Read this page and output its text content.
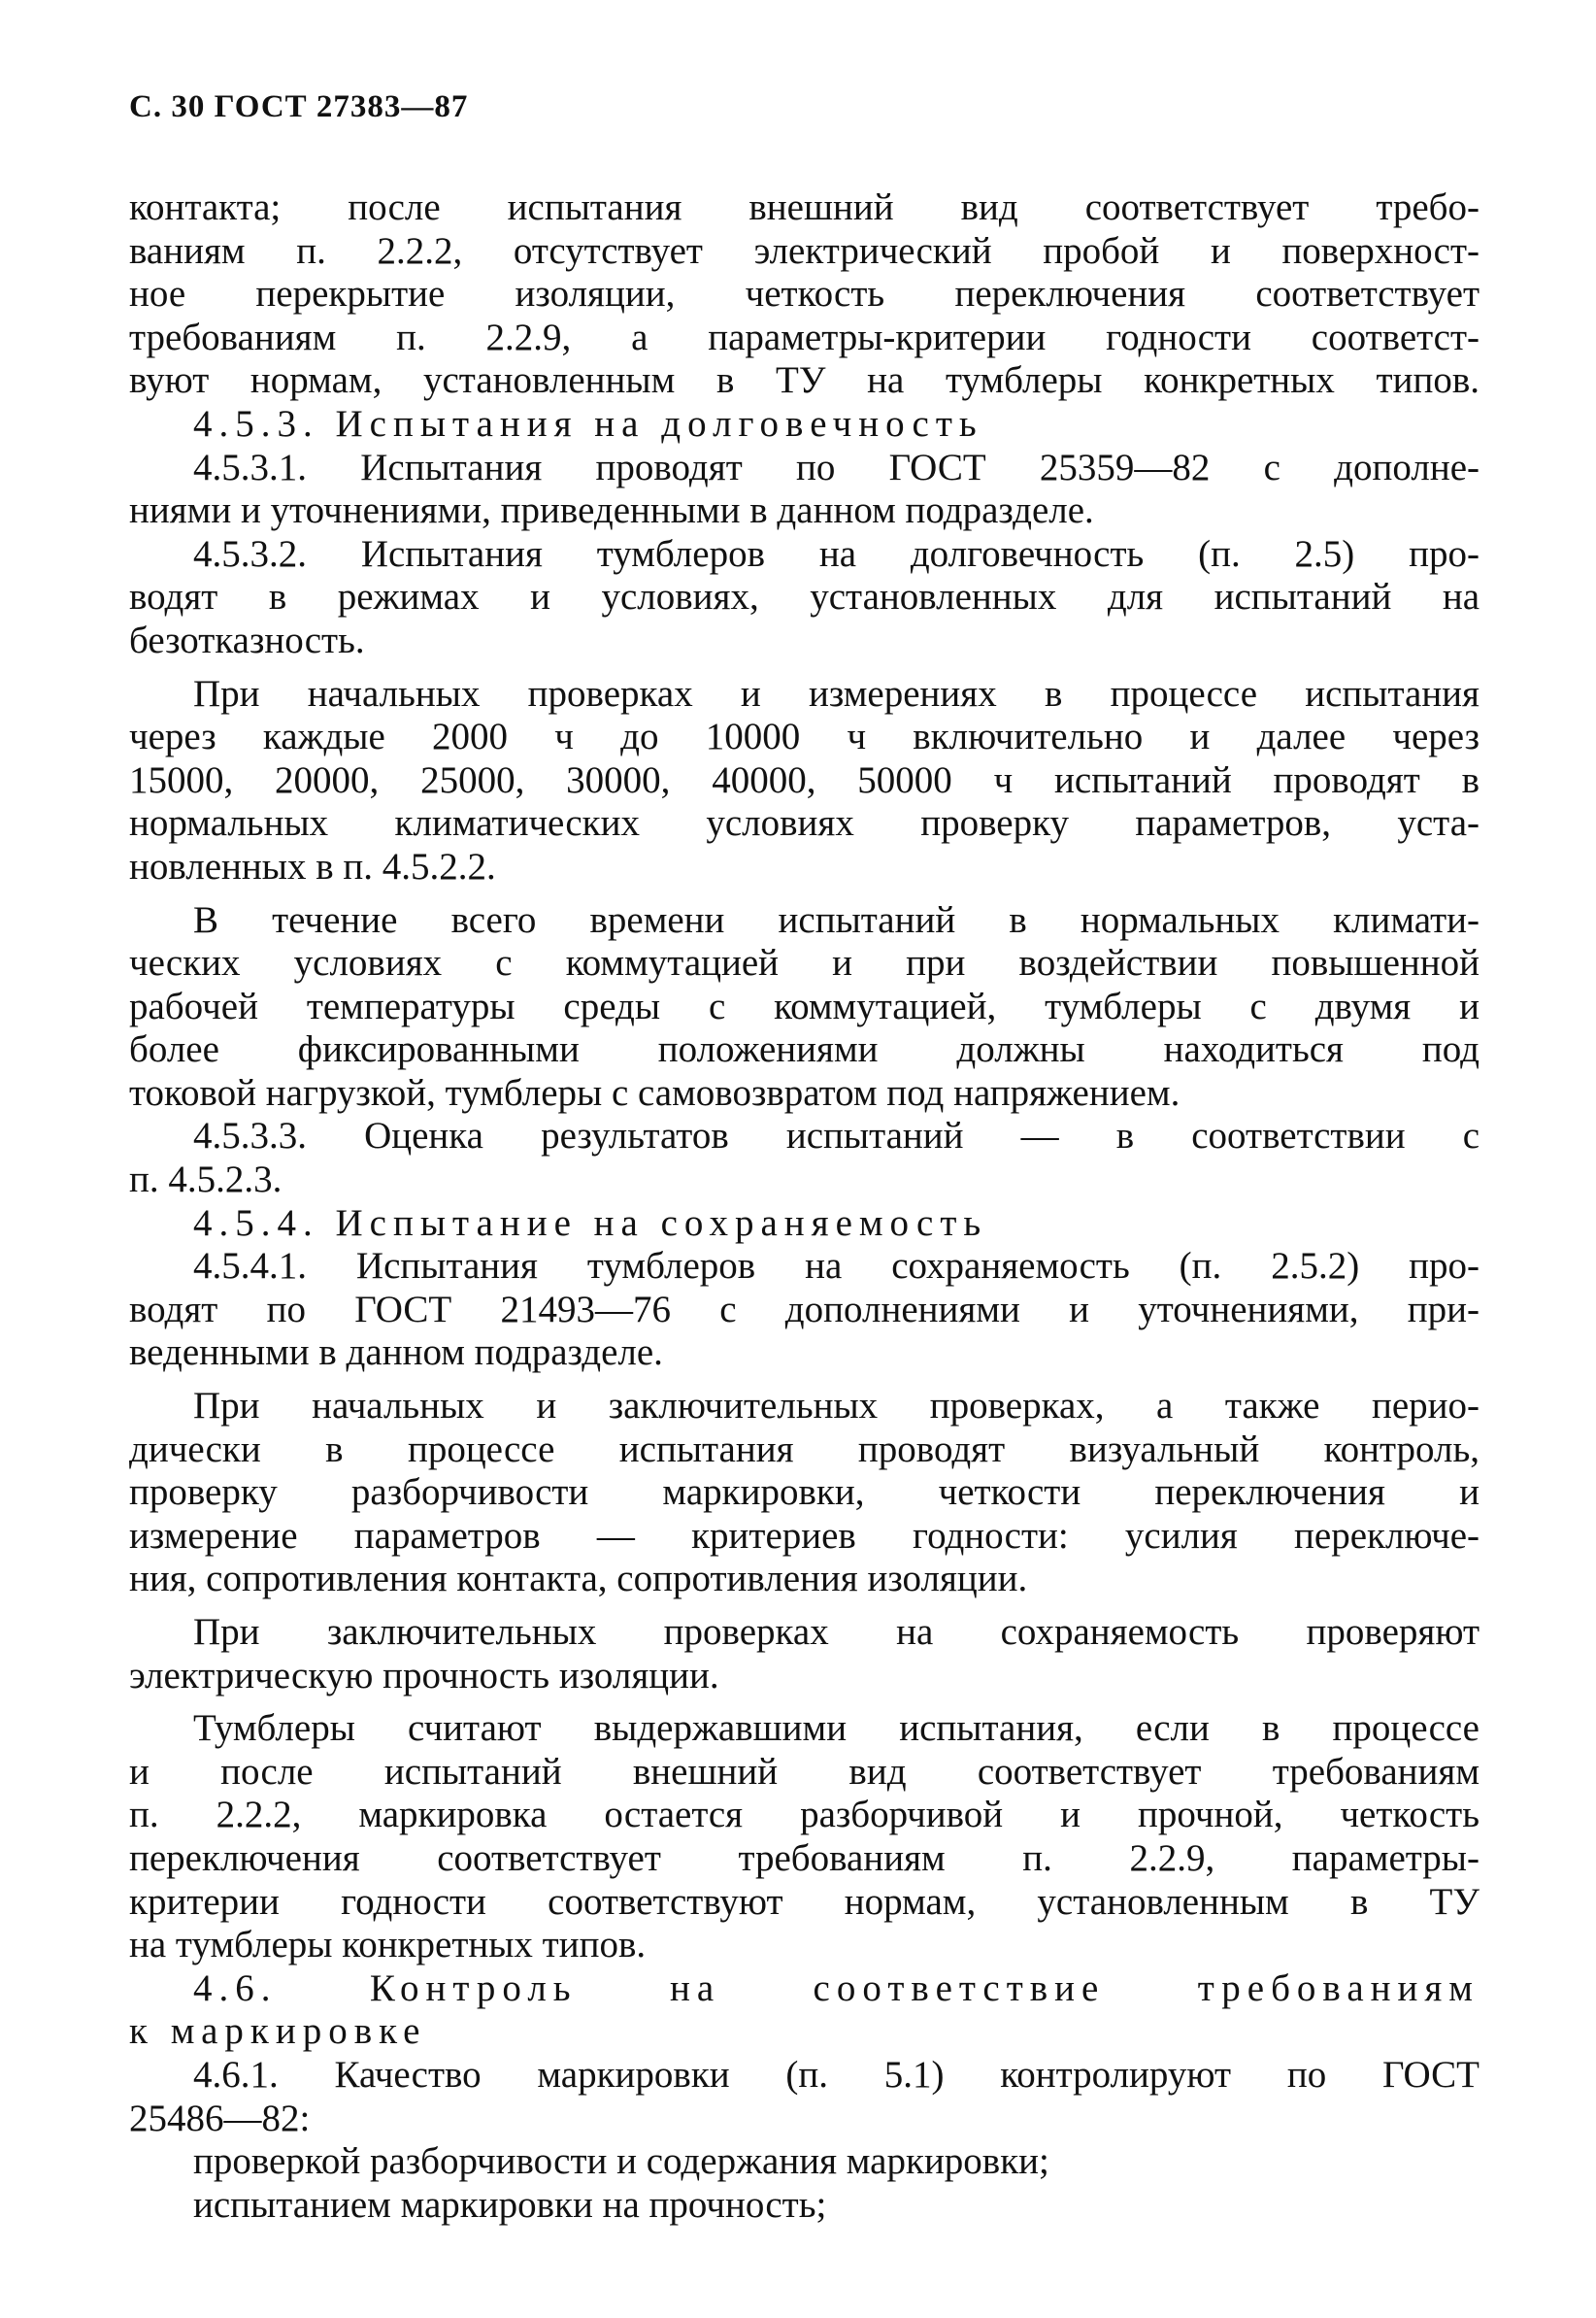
С. 30 ГОСТ 27383—87
контакта; после испытания внешний вид соответствует требо-
ваниям п. 2.2.2, отсутствует электрический пробой и поверхност-
ное перекрытие изоляции, четкость переключения соответствует
требованиям п. 2.2.9, а параметры-критерии годности соответст-
вуют нормам, установленным в ТУ на тумблеры конкретных типов.
4.5.3. Испытания на долговечность
4.5.3.1. Испытания проводят по ГОСТ 25359—82 с дополне-
ниями и уточнениями, приведенными в данном подразделе.
4.5.3.2. Испытания тумблеров на долговечность (п. 2.5) про-
водят в режимах и условиях, установленных для испытаний на
безотказность.
При начальных проверках и измерениях в процессе испытания
через каждые 2000 ч до 10000 ч включительно и далее через
15000, 20000, 25000, 30000, 40000, 50000 ч испытаний проводят в
нормальных климатических условиях проверку параметров, уста-
новленных в п. 4.5.2.2.
В течение всего времени испытаний в нормальных климати-
ческих условиях с коммутацией и при воздействии повышенной
рабочей температуры среды с коммутацией, тумблеры с двумя и
более фиксированными положениями должны находиться под
токовой нагрузкой, тумблеры с самовозвратом под напряжением.
4.5.3.3. Оценка результатов испытаний — в соответствии с
п. 4.5.2.3.
4.5.4. Испытание на сохраняемость
4.5.4.1. Испытания тумблеров на сохраняемость (п. 2.5.2) про-
водят по ГОСТ 21493—76 с дополнениями и уточнениями, при-
веденными в данном подразделе.
При начальных и заключительных проверках, а также перио-
дически в процессе испытания проводят визуальный контроль,
проверку разборчивости маркировки, четкости переключения и
измерение параметров — критериев годности: усилия переключе-
ния, сопротивления контакта, сопротивления изоляции.
При заключительных проверках на сохраняемость проверяют
электрическую прочность изоляции.
Тумблеры считают выдержавшими испытания, если в процессе
и после испытаний внешний вид соответствует требованиям
п. 2.2.2, маркировка остается разборчивой и прочной, четкость
переключения соответствует требованиям п. 2.2.9, параметры-
критерии годности соответствуют нормам, установленным в ТУ
на тумблеры конкретных типов.
4.6. Контроль на соответствие требованиям
к маркировке
4.6.1. Качество маркировки (п. 5.1) контролируют по ГОСТ
25486—82:
проверкой разборчивости и содержания маркировки;
испытанием маркировки на прочность;
